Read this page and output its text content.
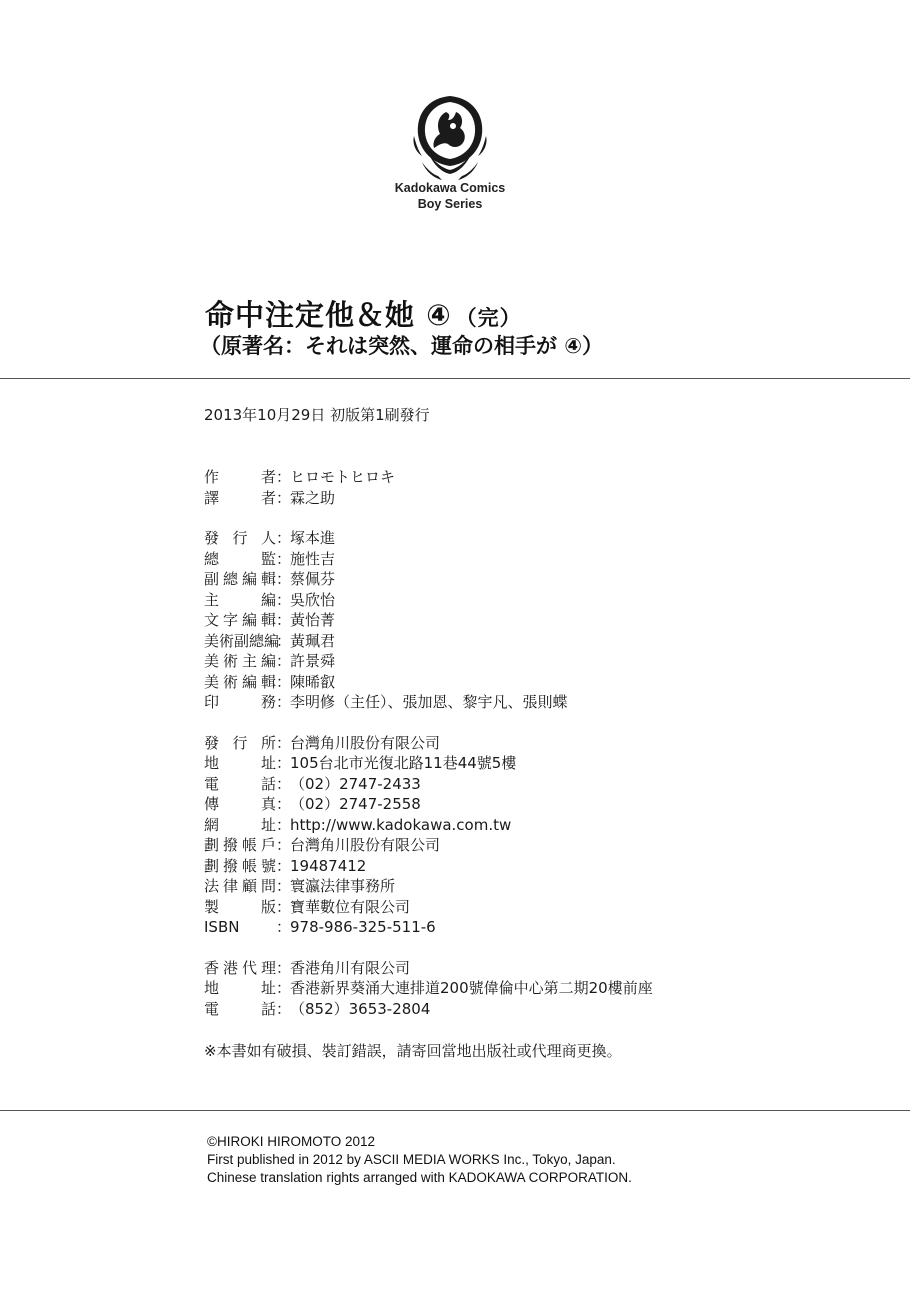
Kadokawa Comics
Boy Series
命中注定他＆她 ④ （完）
（原著名：それは突然、運命の相手が ④）
2013年10月29日 初版第1刷發行
作者 ：
ヒロモトヒロキ
譯者 ：
霖之助
發行人 ：
塚本進
總監 ：
施性吉
副總編輯 ：
蔡佩芬
主編 ：
吳欣怡
文字編輯 ：
黃怡菁
美術副總編
：
黃珮君
美術主編 ：
許景舜
美術編輯 ：
陳晞叡
印務 ：
李明修（主任）、張加恩、黎宇凡、張則蝶
發行所 ：
台灣角川股份有限公司
地址 ：
105台北市光復北路11巷44號5樓
電話 ：
（02）2747-2433
傳真 ：
（02）2747-2558
網址 ：
http://www.kadokawa.com.tw
劃撥帳戶 ：
台灣角川股份有限公司
劃撥帳號 ：
19487412
法律顧問 ：
寰瀛法律事務所
製版 ：
寶華數位有限公司
ISBN	：
978-986-325-511-6
香港代理 ：
香港角川有限公司
地址 ：
香港新界葵涌大連排道200號偉倫中心第二期20樓前座
電話 ：
（852）3653-2804
※本書如有破損、裝訂錯誤，請寄回當地出版社或代理商更換。
©HIROKI HIROMOTO 2012
First published in 2012 by ASCII MEDIA WORKS Inc., Tokyo, Japan.
Chinese translation rights arranged with KADOKAWA CORPORATION.
